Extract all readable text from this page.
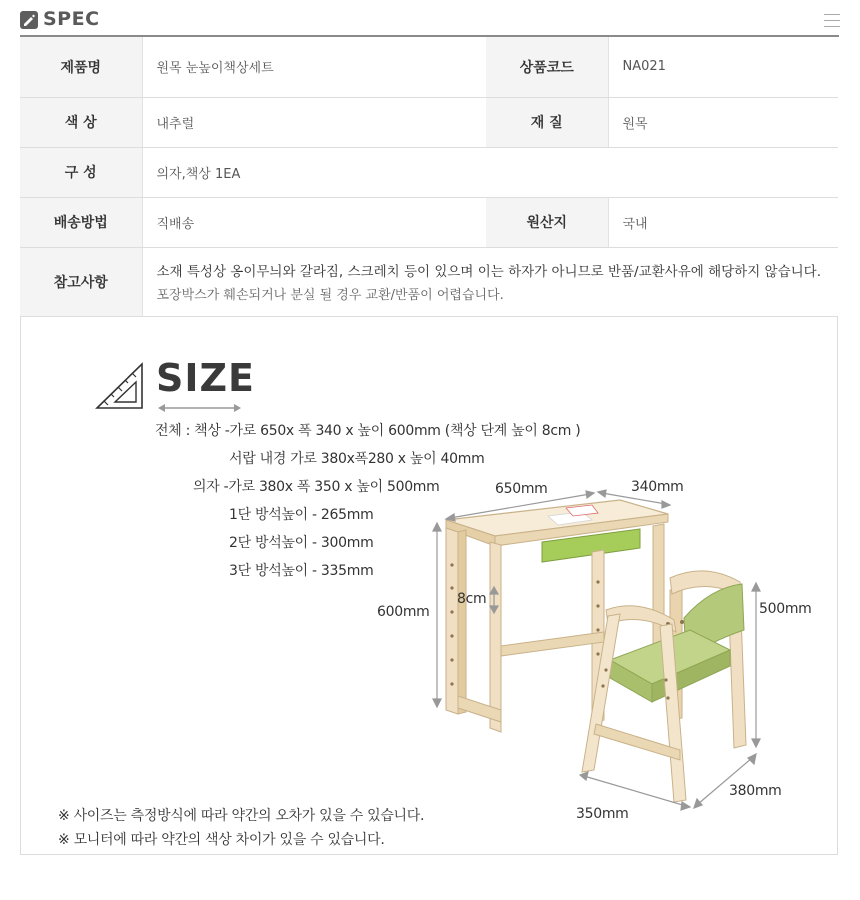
SPEC
제품명	원목 눈높이책상세트	상품코드	NA021
색 상	내추럴	재 질	원목
구 성	의자,책상 1EA		
배송방법	직배송	원산지	국내
참고사항	소재 특성상 옹이무늬와 갈라짐, 스크레치 등이 있으며 이는 하자가 아니므로 반품/교환사유에 해당하지 않습니다.
포장박스가 훼손되거나 분실 될 경우 교환/반품이 어렵습니다.		
SIZE
전체 : 책상 -가로 650x 폭 340 x 높이 600mm (책상 단계 높이 8cm )
서랍 내경 가로 380x폭280 x 높이 40mm
의자 -가로 380x 폭 350 x 높이 500mm
1단 방석높이 - 265mm
2단 방석높이 - 300mm
3단 방석높이 - 335mm
650mm	340mm
600mm
8cm
500mm
380mm
350mm
※ 사이즈는 측정방식에 따라 약간의 오차가 있을 수 있습니다.
※ 모니터에 따라 약간의 색상 차이가 있을 수 있습니다.
